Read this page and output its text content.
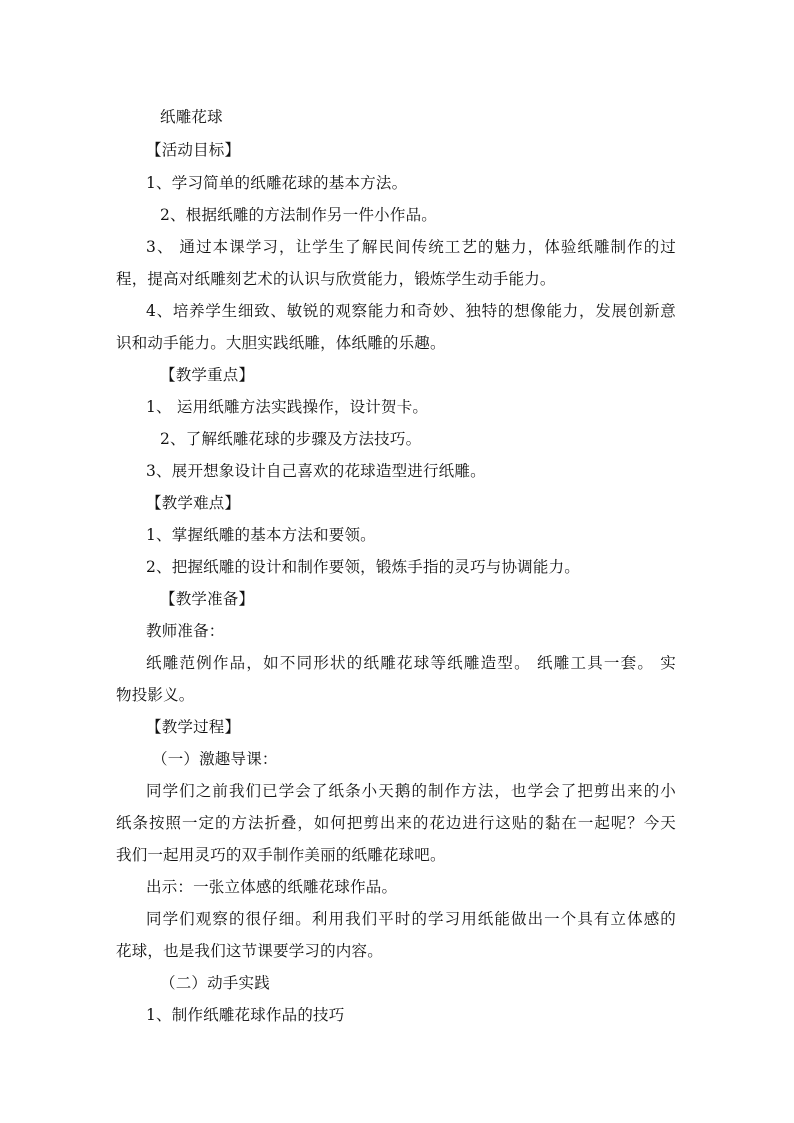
纸雕花球
【活动目标】
1、学习简单的纸雕花球的基本方法。
2、根据纸雕的方法制作另一件小作品。
3、 通过本课学习，让学生了解民间传统工艺的魅力，体验纸雕制作的过
程，提高对纸雕刻艺术的认识与欣赏能力，锻炼学生动手能力。
4、培养学生细致、敏锐的观察能力和奇妙、独特的想像能力，发展创新意
识和动手能力。大胆实践纸雕，体纸雕的乐趣。
【教学重点】
1、 运用纸雕方法实践操作，设计贺卡。
2、了解纸雕花球的步骤及方法技巧。
3、展开想象设计自己喜欢的花球造型进行纸雕。
【教学难点】
1、掌握纸雕的基本方法和要领。
2、把握纸雕的设计和制作要领，锻炼手指的灵巧与协调能力。
【教学准备】
教师准备：
纸雕范例作品，如不同形状的纸雕花球等纸雕造型。 纸雕工具一套。 实
物投影义。
【教学过程】
（一）激趣导课：
同学们之前我们已学会了纸条小天鹅的制作方法，也学会了把剪出来的小
纸条按照一定的方法折叠，如何把剪出来的花边进行这贴的黏在一起呢？今天
我们一起用灵巧的双手制作美丽的纸雕花球吧。
出示：一张立体感的纸雕花球作品。
同学们观察的很仔细。利用我们平时的学习用纸能做出一个具有立体感的
花球，也是我们这节课要学习的内容。
（二）动手实践
1、制作纸雕花球作品的技巧
